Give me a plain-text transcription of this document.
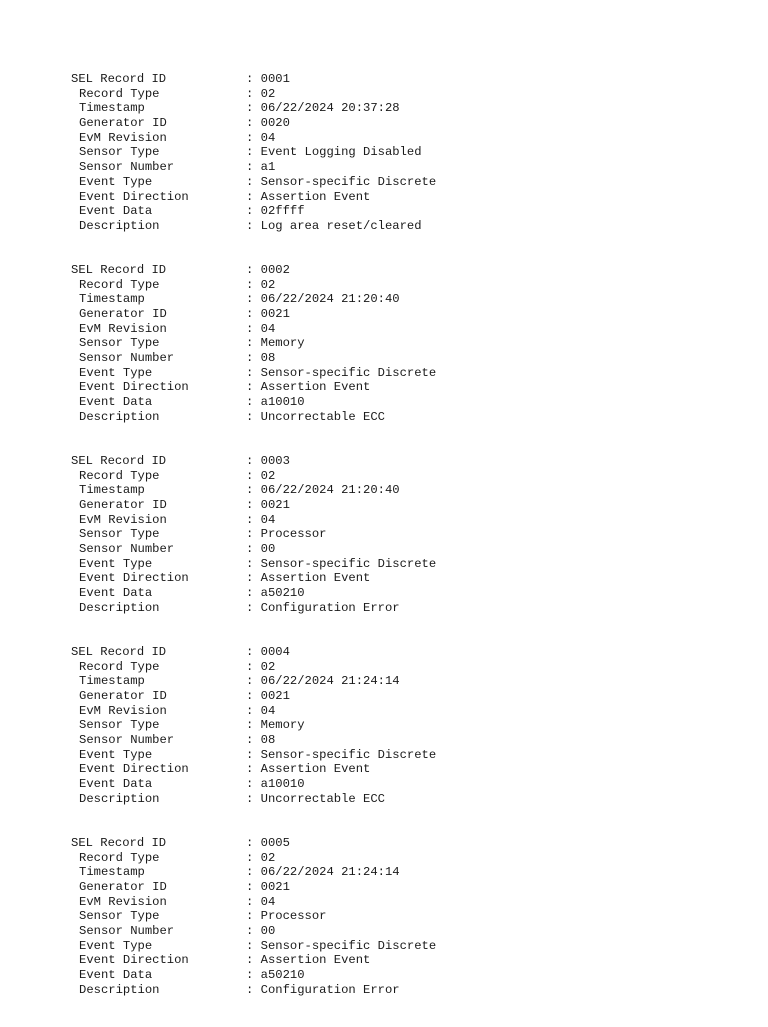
SEL Record ID	: 0001
Record Type	: 02
Timestamp	: 06/22/2024 20:37:28
Generator ID	: 0020
EvM Revision	: 04
Sensor Type	: Event Logging Disabled
Sensor Number	: a1
Event Type	: Sensor-specific Discrete
Event Direction	: Assertion Event
Event Data	: 02ffff
Description	: Log area reset/cleared
SEL Record ID	: 0002
Record Type	: 02
Timestamp	: 06/22/2024 21:20:40
Generator ID	: 0021
EvM Revision	: 04
Sensor Type	: Memory
Sensor Number	: 08
Event Type	: Sensor-specific Discrete
Event Direction	: Assertion Event
Event Data	: a10010
Description	: Uncorrectable ECC
SEL Record ID	: 0003
Record Type	: 02
Timestamp	: 06/22/2024 21:20:40
Generator ID	: 0021
EvM Revision	: 04
Sensor Type	: Processor
Sensor Number	: 00
Event Type	: Sensor-specific Discrete
Event Direction	: Assertion Event
Event Data	: a50210
Description	: Configuration Error
SEL Record ID	: 0004
Record Type	: 02
Timestamp	: 06/22/2024 21:24:14
Generator ID	: 0021
EvM Revision	: 04
Sensor Type	: Memory
Sensor Number	: 08
Event Type	: Sensor-specific Discrete
Event Direction	: Assertion Event
Event Data	: a10010
Description	: Uncorrectable ECC
SEL Record ID	: 0005
Record Type	: 02
Timestamp	: 06/22/2024 21:24:14
Generator ID	: 0021
EvM Revision	: 04
Sensor Type	: Processor
Sensor Number	: 00
Event Type	: Sensor-specific Discrete
Event Direction	: Assertion Event
Event Data	: a50210
Description	: Configuration Error
